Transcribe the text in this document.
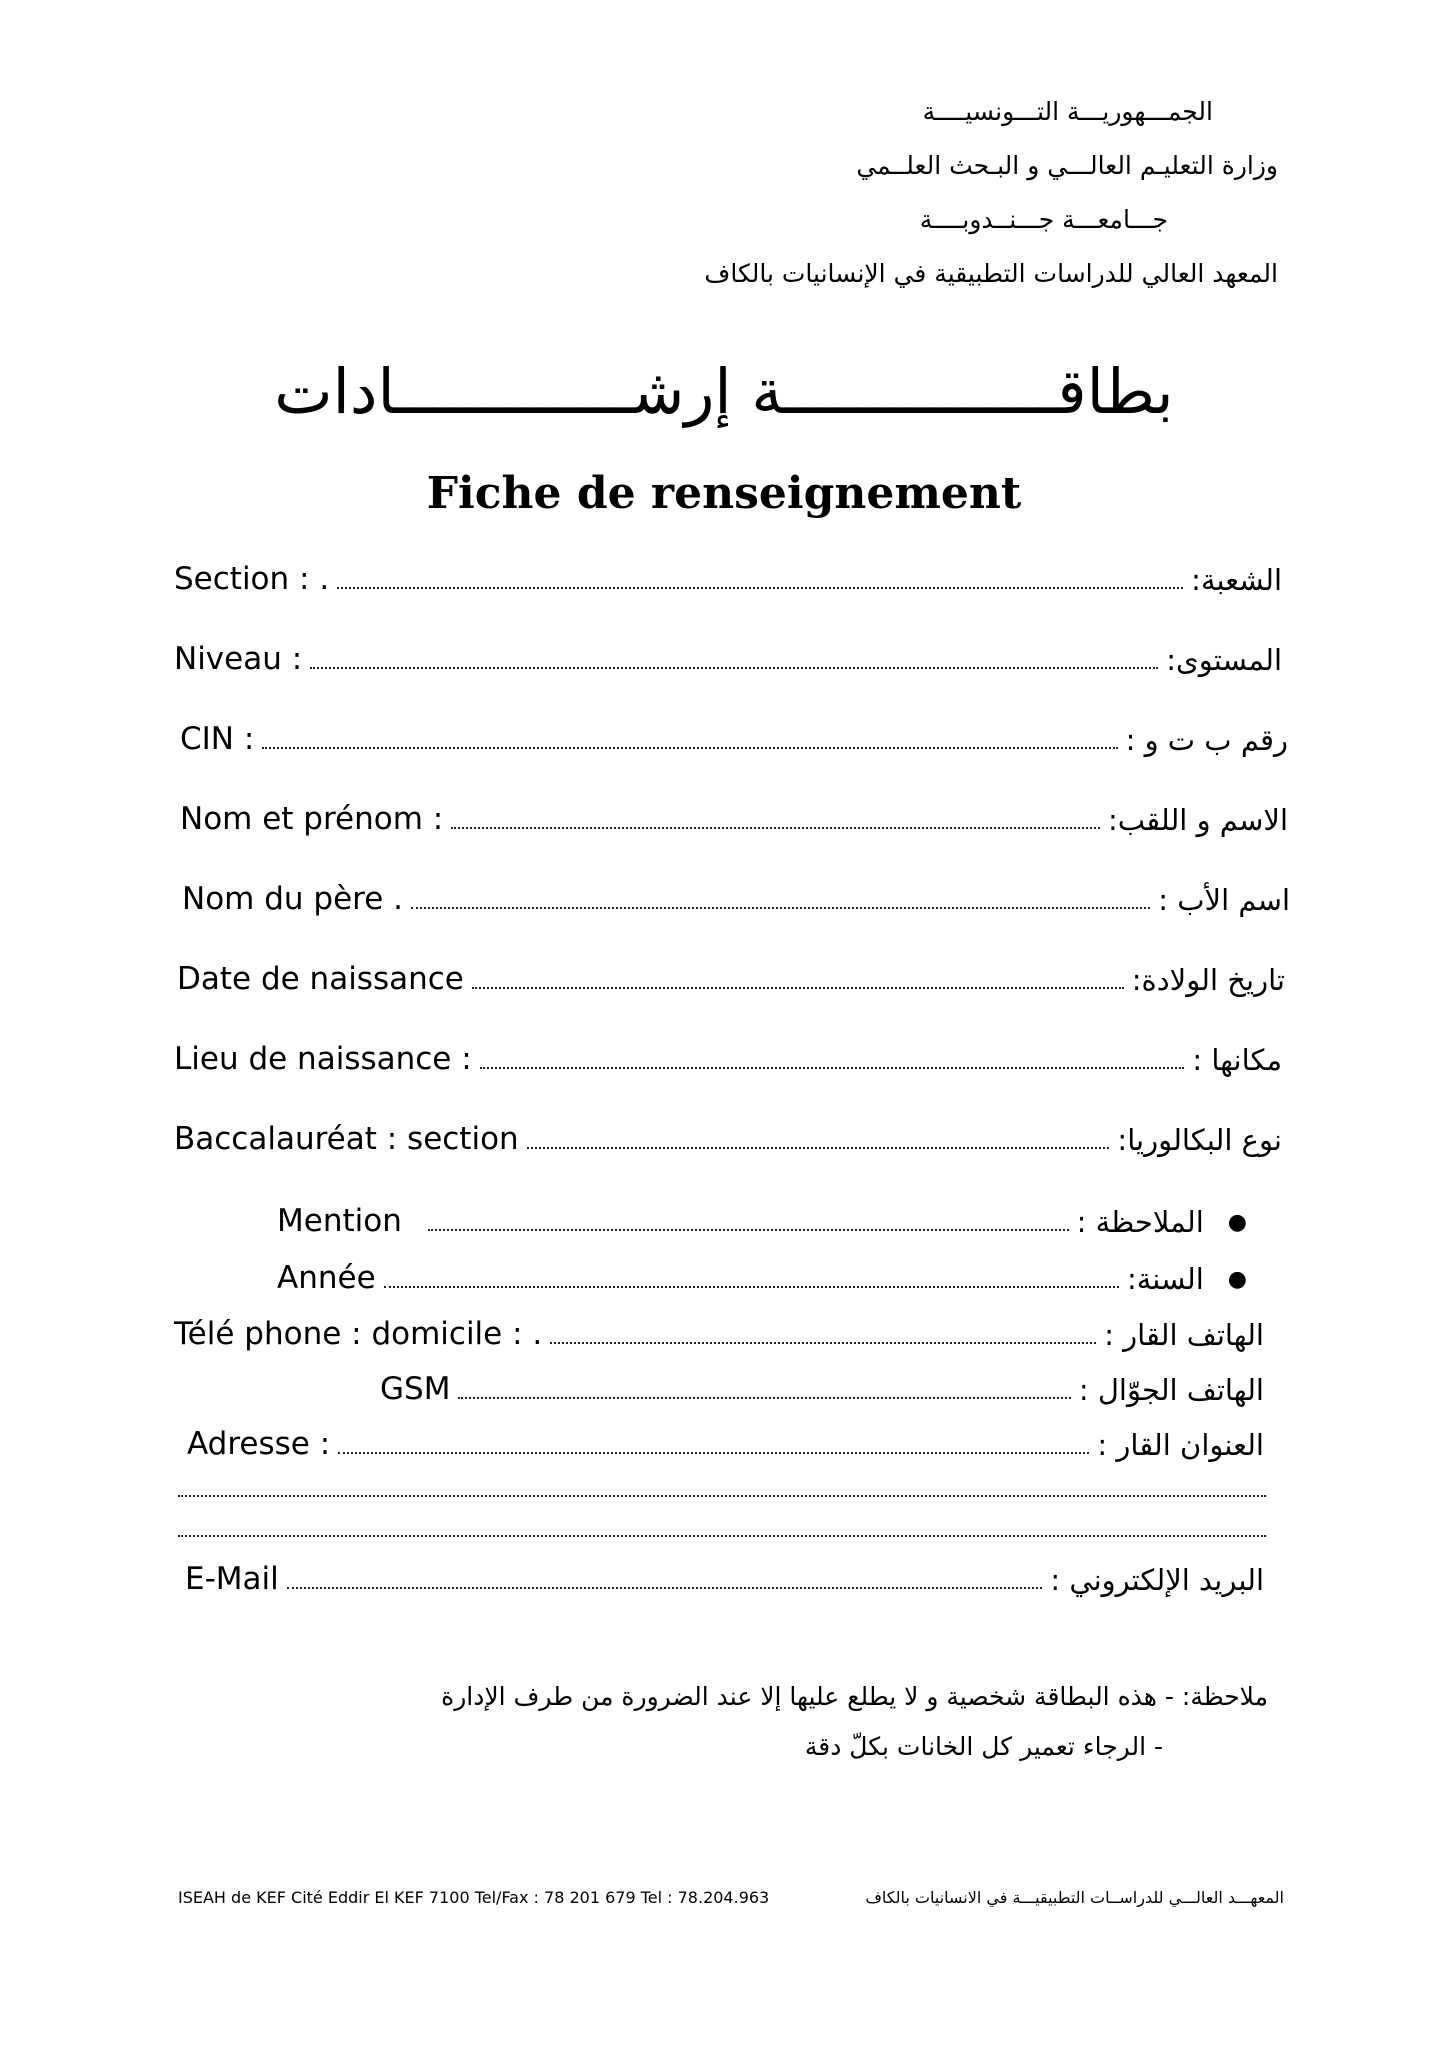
الجمـــهوريـــة التـــونسيــــة
وزارة التعليـم العالـــي و البـحث العلــمي
جـــامعـــة جـــنــدوبــــة
المعهد العالي للدراسات التطبيقية في الإنسانيات بالكاف
بطاقـــــــــــــــة إرشـــــــــــــادات
Fiche de renseignement
Section : .	الشعبة:
Niveau :	المستوى:
CIN :	رقم ب ت و :
Nom et prénom :	الاسم و اللقب:
Nom du père .	اسم الأب :
Date de naissance	تاريخ الولادة:
Lieu de naissance :	مكانها :
Baccalauréat : section	نوع البكالوريا:
Mention	الملاحظة : ●
Année	السنة: ●
Télé phone : domicile : .	الهاتف القار :
GSM	الهاتف الجوّال :
Adresse :	العنوان القار :
E-Mail	البريد الإلكتروني :
ملاحظة: - هذه البطاقة شخصية و لا يطلع عليها إلا عند الضرورة من طرف الإدارة
- الرجاء تعمير كل الخانات بكلّ دقة
ISEAH de KEF Cité Eddir El KEF 7100 Tel/Fax : 78 201 679 Tel : 78.204.963	المعهـــد العالـــي للدراســات التطبيقيـــة في الانسانيات بالكاف
